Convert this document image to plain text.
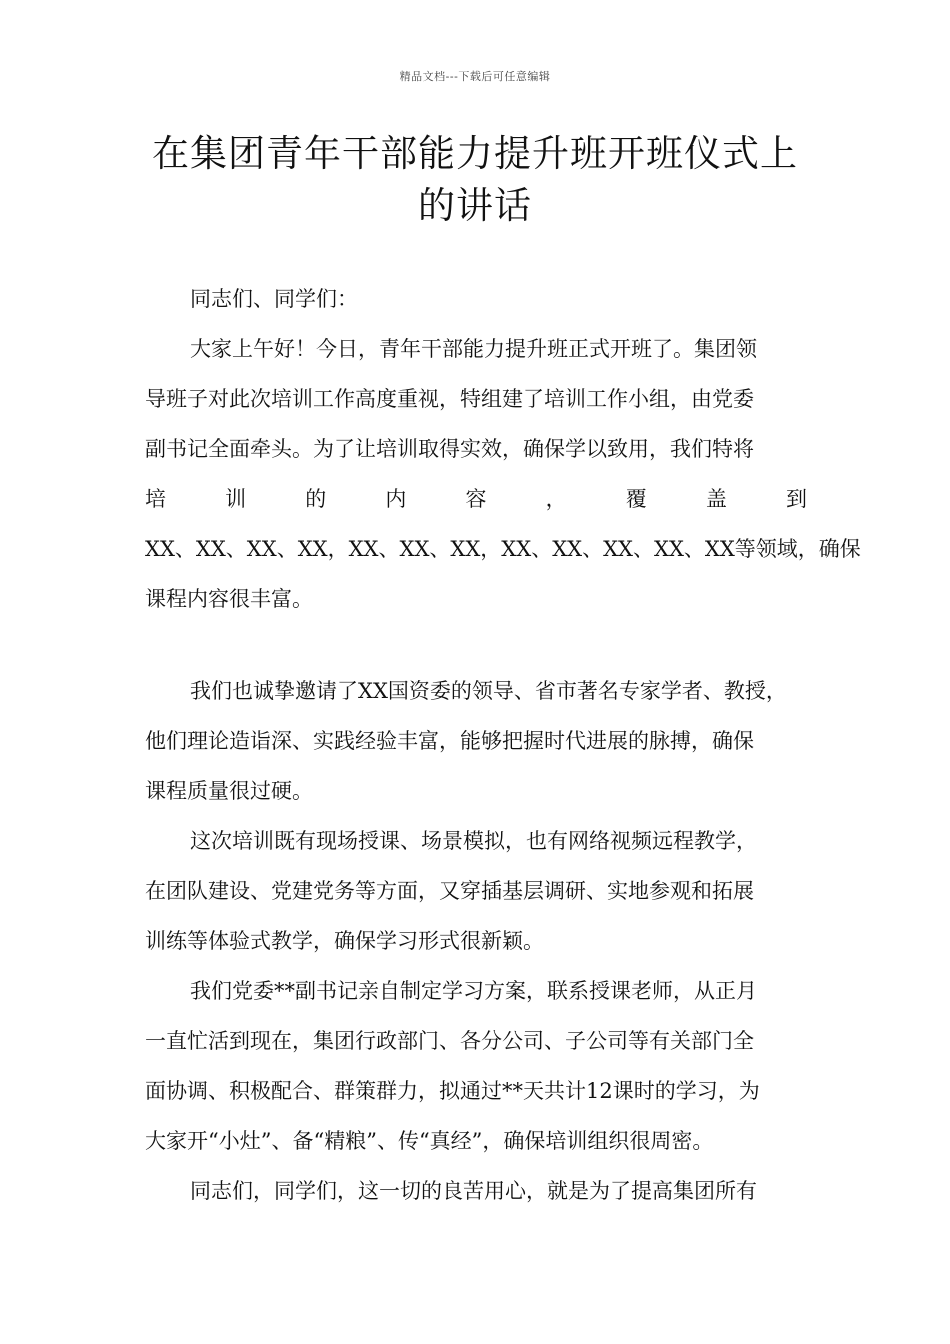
精品文档---下载后可任意编辑
在集团青年干部能力提升班开班仪式上
的讲话
同志们、同学们：
大家上午好！今日，青年干部能力提升班正式开班了。集团领
导班子对此次培训工作高度重视，特组建了培训工作小组，由党委
副书记全面牵头。为了让培训取得实效，确保学以致用，我们特将
培	训	的	内	容	，	覆	盖	到
XX、XX、XX、XX，XX、XX、XX，XX、XX、XX、XX、XX等领域，确保
课程内容很丰富。
我们也诚挚邀请了XX国资委的领导、省市著名专家学者、教授，
他们理论造诣深、实践经验丰富，能够把握时代进展的脉搏，确保
课程质量很过硬。
这次培训既有现场授课、场景模拟，也有网络视频远程教学，
在团队建设、党建党务等方面，又穿插基层调研、实地参观和拓展
训练等体验式教学，确保学习形式很新颖。
我们党委**副书记亲自制定学习方案，联系授课老师，从正月
一直忙活到现在，集团行政部门、各分公司、子公司等有关部门全
面协调、积极配合、群策群力，拟通过**天共计12课时的学习，为
大家开“小灶”、备“精粮”、传“真经”，确保培训组织很周密。
同志们，同学们，这一切的良苦用心，就是为了提高集团所有
